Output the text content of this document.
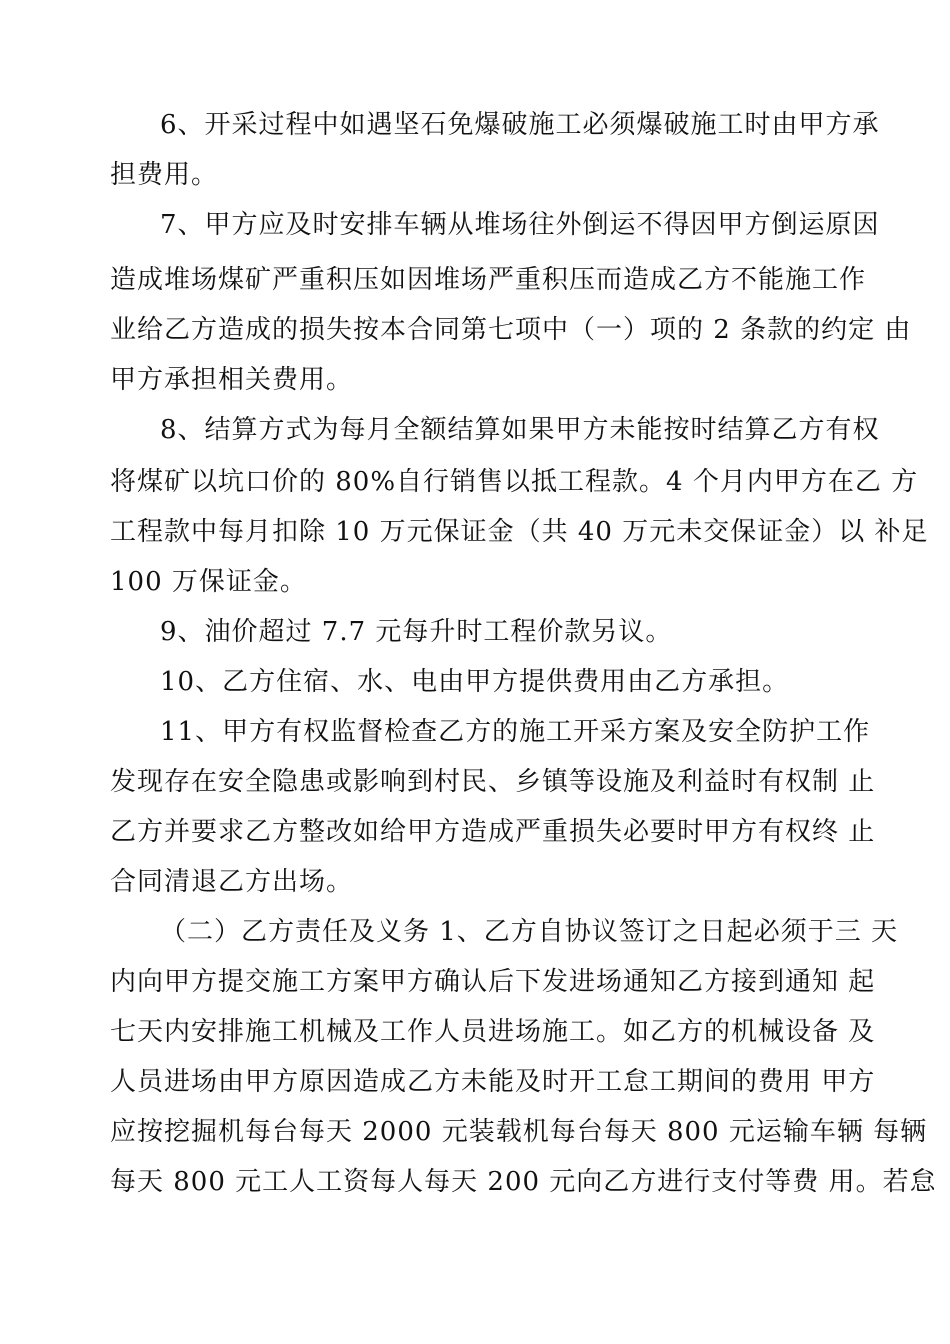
6、开采过程中如遇坚石免爆破施工必须爆破施工时由甲方承
担费用。
7、甲方应及时安排车辆从堆场往外倒运不得因甲方倒运原因
造成堆场煤矿严重积压如因堆场严重积压而造成乙方不能施工作
业给乙方造成的损失按本合同第七项中（一）项的 2 条款的约定 由
甲方承担相关费用。
8、结算方式为每月全额结算如果甲方未能按时结算乙方有权
将煤矿以坑口价的 80%自行销售以抵工程款。4 个月内甲方在乙 方
工程款中每月扣除 10 万元保证金（共 40 万元未交保证金）以 补足
100 万保证金。
9、油价超过 7.7 元每升时工程价款另议。
10、乙方住宿、水、电由甲方提供费用由乙方承担。
11、甲方有权监督检查乙方的施工开采方案及安全防护工作
发现存在安全隐患或影响到村民、乡镇等设施及利益时有权制 止
乙方并要求乙方整改如给甲方造成严重损失必要时甲方有权终 止
合同清退乙方出场。
（二）乙方责任及义务 1、乙方自协议签订之日起必须于三 天
内向甲方提交施工方案甲方确认后下发进场通知乙方接到通知 起
七天内安排施工机械及工作人员进场施工。如乙方的机械设备 及
人员进场由甲方原因造成乙方未能及时开工怠工期间的费用 甲方
应按挖掘机每台每天 2000 元装载机每台每天 800 元运输车辆 每辆
每天 800 元工人工资每人每天 200 元向乙方进行支付等费 用。若怠
